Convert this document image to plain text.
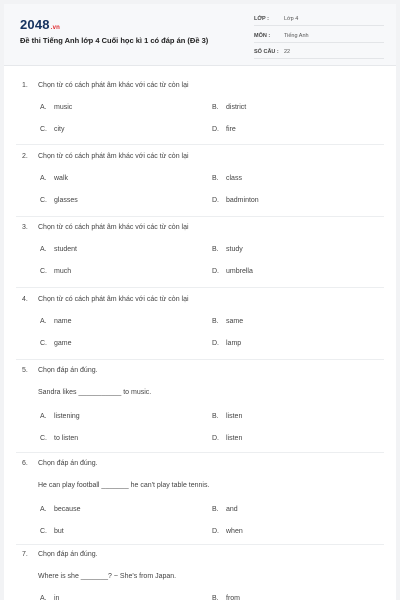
2048.vn
Đề thi Tiếng Anh lớp 4 Cuối học kì 1 có đáp án (Đề 3)
LỚP :	Lớp 4
MÔN :	Tiếng Anh
SỐ CÂU : 22
1. Chọn từ có cách phát âm khác với các từ còn lại
A. music	B. district
C. city	D. fire
2. Chọn từ có cách phát âm khác với các từ còn lại
A. walk	B. class
C. glasses	D. badminton
3. Chọn từ có cách phát âm khác với các từ còn lại
A. student	B. study
C. much	D. umbrella
4. Chọn từ có cách phát âm khác với các từ còn lại
A. name	B. same
C. game	D. lamp
5. Chọn đáp án đúng.
Sandra likes ___________ to music.
A. listening	B. listen
C. to listen	D. listen
6. Chọn đáp án đúng.
He can play football _______ he can't play table tennis.
A. because	B. and
C. but	D. when
7. Chọn đáp án đúng.
Where is she _______? ~ She's from Japan.
A. in	B. from
